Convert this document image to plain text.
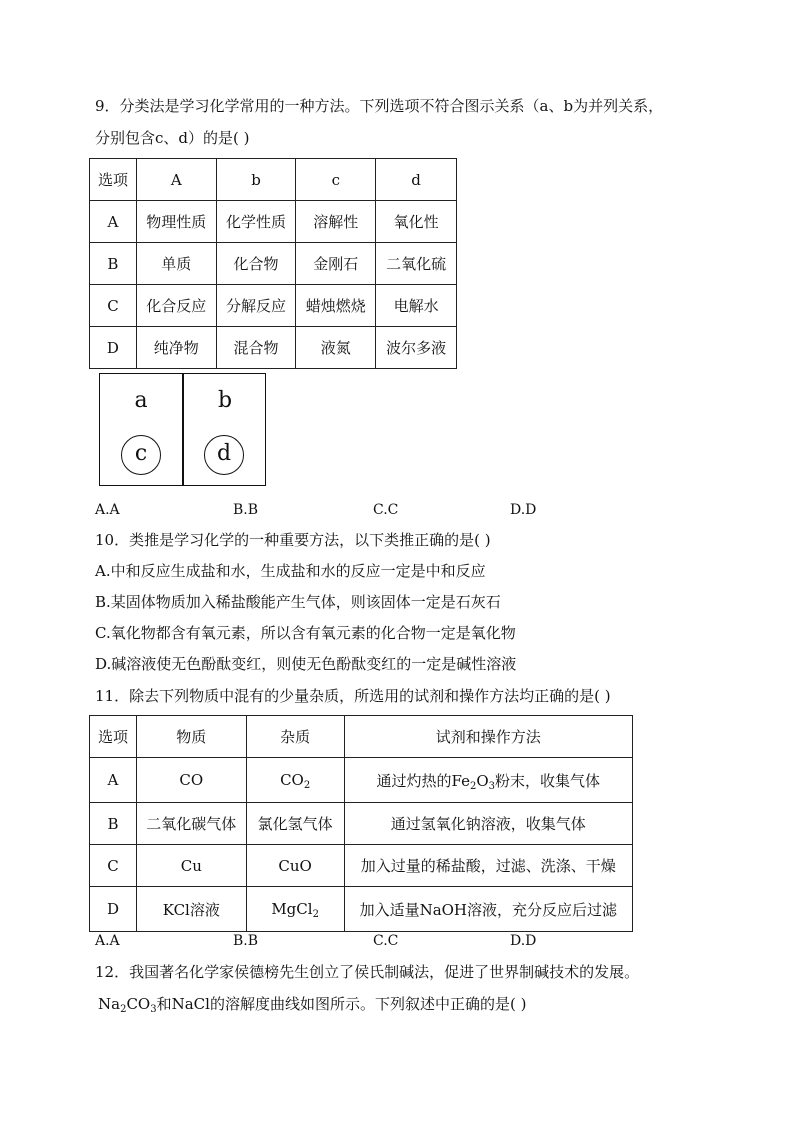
9．分类法是学习化学常用的一种方法。下列选项不符合图示关系（a、b为并列关系，
分别包含c、d）的是( )
选项	A	b	c	d
A	物理性质	化学性质	溶解性	氧化性
B	单质	化合物	金刚石	二氧化硫
C	化合反应	分解反应	蜡烛燃烧	电解水
D	纯净物	混合物	液氮	波尔多液
a	b
c	d
A.A	B.B	C.C	D.D
10．类推是学习化学的一种重要方法，以下类推正确的是( )
A.中和反应生成盐和水，生成盐和水的反应一定是中和反应
B.某固体物质加入稀盐酸能产生气体，则该固体一定是石灰石
C.氧化物都含有氧元素，所以含有氧元素的化合物一定是氧化物
D.碱溶液使无色酚酞变红，则使无色酚酞变红的一定是碱性溶液
11．除去下列物质中混有的少量杂质，所选用的试剂和操作方法均正确的是( )
选项	物质	杂质	试剂和操作方法
A	CO	$CO_2$	通过灼热的$Fe_2O_3$粉末，收集气体
B	二氧化碳气体	氯化氢气体	通过氢氧化钠溶液，收集气体
C	Cu	CuO	加入过量的稀盐酸，过滤、洗涤、干燥
D	KCl溶液	MgCl$_2$	加入适量NaOH溶液，充分反应后过滤
A.A	B.B	C.C	D.D
12．我国著名化学家侯德榜先生创立了侯氏制碱法，促进了世界制碱技术的发展。
$Na_2CO_3$和NaCl的溶解度曲线如图所示。下列叙述中正确的是( )
